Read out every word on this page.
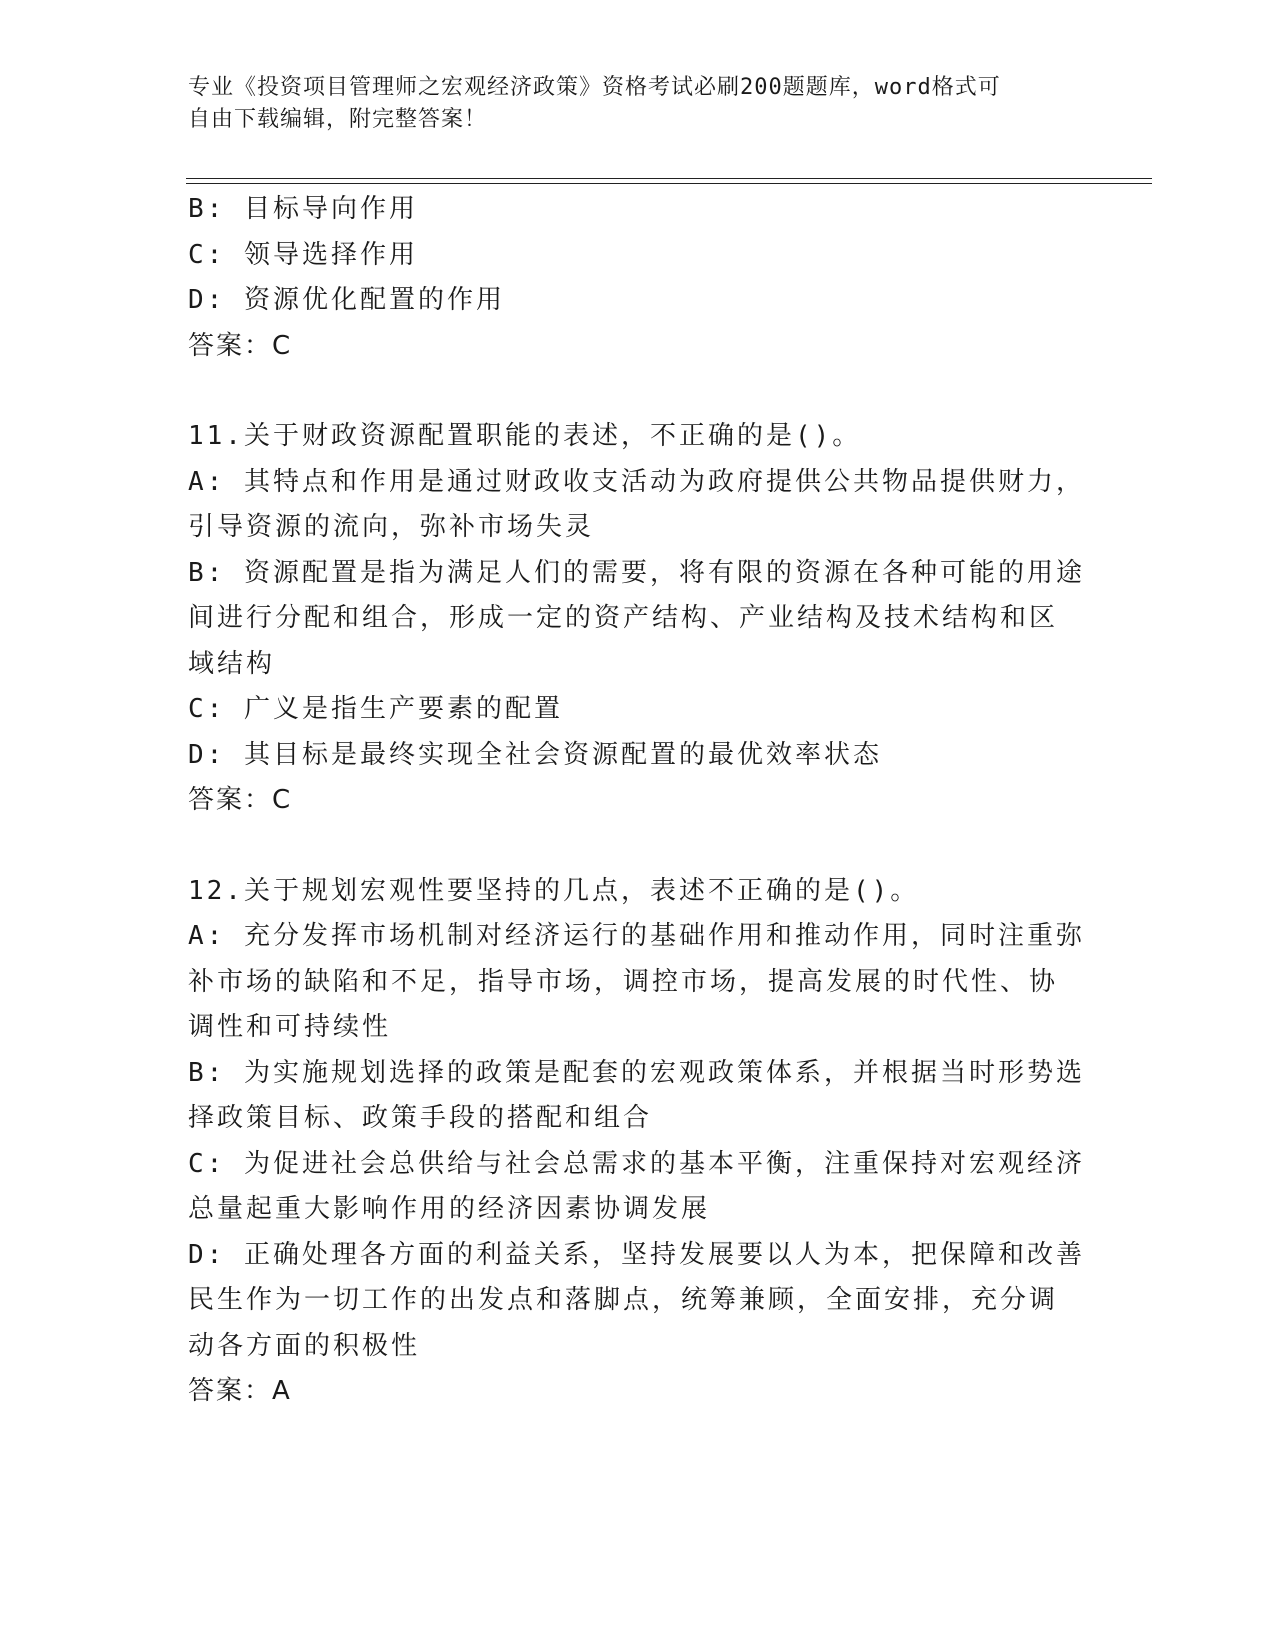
专业《投资项目管理师之宏观经济政策》资格考试必刷200题题库，word格式可
自由下载编辑，附完整答案！
B: 目标导向作用
C: 领导选择作用
D: 资源优化配置的作用
答案：C
11.关于财政资源配置职能的表述，不正确的是()。
A: 其特点和作用是通过财政收支活动为政府提供公共物品提供财力，
引导资源的流向，弥补市场失灵
B: 资源配置是指为满足人们的需要，将有限的资源在各种可能的用途
间进行分配和组合，形成一定的资产结构、产业结构及技术结构和区
域结构
C: 广义是指生产要素的配置
D: 其目标是最终实现全社会资源配置的最优效率状态
答案：C
12.关于规划宏观性要坚持的几点，表述不正确的是()。
A: 充分发挥市场机制对经济运行的基础作用和推动作用，同时注重弥
补市场的缺陷和不足，指导市场，调控市场，提高发展的时代性、协
调性和可持续性
B: 为实施规划选择的政策是配套的宏观政策体系，并根据当时形势选
择政策目标、政策手段的搭配和组合
C: 为促进社会总供给与社会总需求的基本平衡，注重保持对宏观经济
总量起重大影响作用的经济因素协调发展
D: 正确处理各方面的利益关系，坚持发展要以人为本，把保障和改善
民生作为一切工作的出发点和落脚点，统筹兼顾，全面安排，充分调
动各方面的积极性
答案：A
